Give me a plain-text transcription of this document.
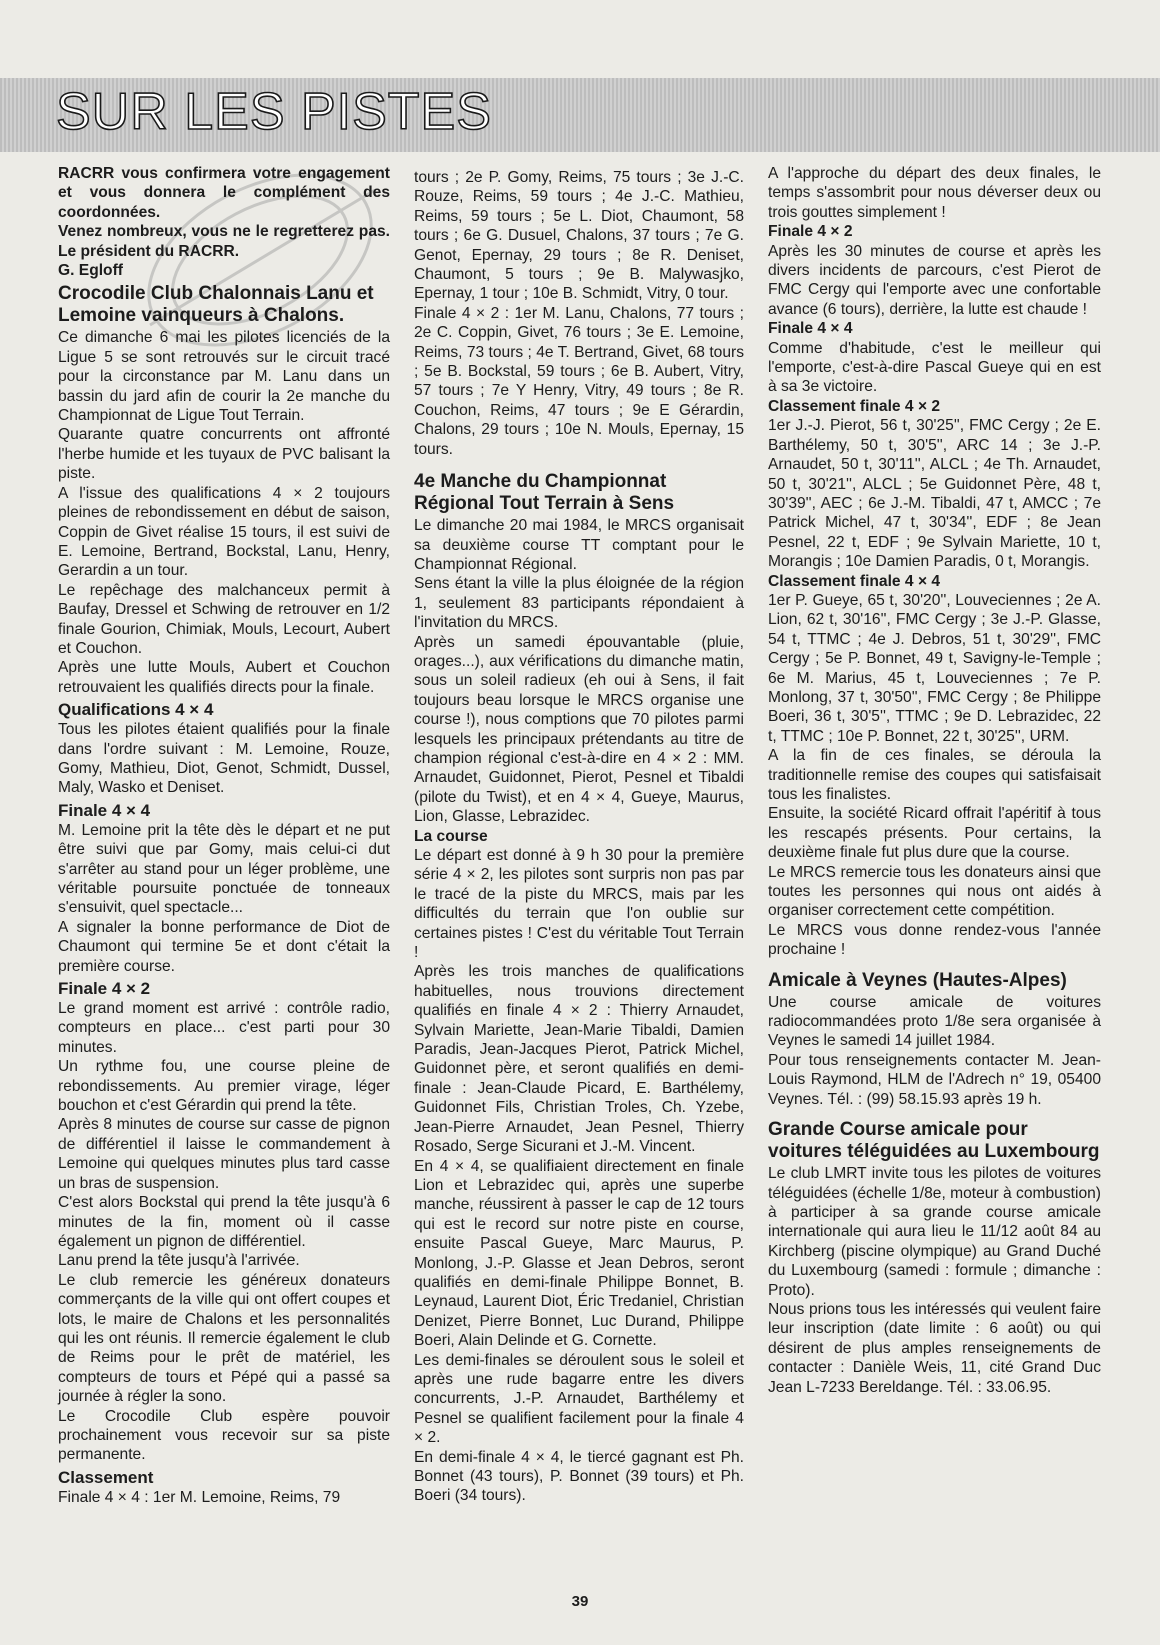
SUR LES PISTES

RACRR vous confirmera votre engagement et vous donnera le complément des coordonnées.

Venez nombreux, vous ne le regretterez pas. Le président du RACRR.

G. Egloff

Crocodile Club Chalonnais Lanu et Lemoine vainqueurs à Chalons.

Ce dimanche 6 mai les pilotes licenciés de la Ligue 5 se sont retrouvés sur le circuit tracé pour la circonstance par M. Lanu dans un bassin du jard afin de courir la 2e manche du Championnat de Ligue Tout Terrain.

Quarante quatre concurrents ont affronté l'herbe humide et les tuyaux de PVC balisant la piste.

A l'issue des qualifications 4 × 2 toujours pleines de rebondissement en début de saison, Coppin de Givet réalise 15 tours, il est suivi de E. Lemoine, Bertrand, Bockstal, Lanu, Henry, Gerardin a un tour.

Le repêchage des malchanceux permit à Baufay, Dressel et Schwing de retrouver en 1/2 finale Gourion, Chimiak, Mouls, Lecourt, Aubert et Couchon.

Après une lutte Mouls, Aubert et Couchon retrouvaient les qualifiés directs pour la finale.

Qualifications 4 × 4

Tous les pilotes étaient qualifiés pour la finale dans l'ordre suivant : M. Lemoine, Rouze, Gomy, Mathieu, Diot, Genot, Schmidt, Dussel, Maly, Wasko et Deniset.

Finale 4 × 4

M. Lemoine prit la tête dès le départ et ne put être suivi que par Gomy, mais celui-ci dut s'arrêter au stand pour un léger problème, une véritable poursuite ponctuée de tonneaux s'ensuivit, quel spectacle...

A signaler la bonne performance de Diot de Chaumont qui termine 5e et dont c'était la première course.

Finale 4 × 2

Le grand moment est arrivé : contrôle radio, compteurs en place... c'est parti pour 30 minutes.

Un rythme fou, une course pleine de rebondissements. Au premier virage, léger bouchon et c'est Gérardin qui prend la tête.

Après 8 minutes de course sur casse de pignon de différentiel il laisse le commandement à Lemoine qui quelques minutes plus tard casse un bras de suspension.

C'est alors Bockstal qui prend la tête jusqu'à 6 minutes de la fin, moment où il casse également un pignon de différentiel.

Lanu prend la tête jusqu'à l'arrivée.

Le club remercie les généreux donateurs commerçants de la ville qui ont offert coupes et lots, le maire de Chalons et les personnalités qui les ont réunis. Il remercie également le club de Reims pour le prêt de matériel, les compteurs de tours et Pépé qui a passé sa journée à régler la sono.

Le Crocodile Club espère pouvoir prochainement vous recevoir sur sa piste permanente.

Classement

Finale 4 × 4 : 1er M. Lemoine, Reims, 79

tours ; 2e P. Gomy, Reims, 75 tours ; 3e J.-C. Rouze, Reims, 59 tours ; 4e J.-C. Mathieu, Reims, 59 tours ; 5e L. Diot, Chaumont, 58 tours ; 6e G. Dusuel, Chalons, 37 tours ; 7e G. Genot, Epernay, 29 tours ; 8e R. Deniset, Chaumont, 5 tours ; 9e B. Malywasjko, Epernay, 1 tour ; 10e B. Schmidt, Vitry, 0 tour.

Finale 4 × 2 : 1er M. Lanu, Chalons, 77 tours ; 2e C. Coppin, Givet, 76 tours ; 3e E. Lemoine, Reims, 73 tours ; 4e T. Bertrand, Givet, 68 tours ; 5e B. Bockstal, 59 tours ; 6e B. Aubert, Vitry, 57 tours ; 7e Y Henry, Vitry, 49 tours ; 8e R. Couchon, Reims, 47 tours ; 9e E Gérardin, Chalons, 29 tours ; 10e N. Mouls, Epernay, 15 tours.

4e Manche du Championnat Régional Tout Terrain à Sens

Le dimanche 20 mai 1984, le MRCS organisait sa deuxième course TT comptant pour le Championnat Régional.

Sens étant la ville la plus éloignée de la région 1, seulement 83 participants répondaient à l'invitation du MRCS.

Après un samedi épouvantable (pluie, orages...), aux vérifications du dimanche matin, sous un soleil radieux (eh oui à Sens, il fait toujours beau lorsque le MRCS organise une course !), nous comptions que 70 pilotes parmi lesquels les principaux prétendants au titre de champion régional c'est-à-dire en 4 × 2 : MM. Arnaudet, Guidonnet, Pierot, Pesnel et Tibaldi (pilote du Twist), et en 4 × 4, Gueye, Maurus, Lion, Glasse, Lebrazidec.

La course

Le départ est donné à 9 h 30 pour la première série 4 × 2, les pilotes sont surpris non pas par le tracé de la piste du MRCS, mais par les difficultés du terrain que l'on oublie sur certaines pistes ! C'est du véritable Tout Terrain !

Après les trois manches de qualifications habituelles, nous trouvions directement qualifiés en finale 4 × 2 : Thierry Arnaudet, Sylvain Mariette, Jean-Marie Tibaldi, Damien Paradis, Jean-Jacques Pierot, Patrick Michel, Guidonnet père, et seront qualifiés en demi-finale : Jean-Claude Picard, E. Barthélemy, Guidonnet Fils, Christian Troles, Ch. Yzebe, Jean-Pierre Arnaudet, Jean Pesnel, Thierry Rosado, Serge Sicurani et J.-M. Vincent.

En 4 × 4, se qualifiaient directement en finale Lion et Lebrazidec qui, après une superbe manche, réussirent à passer le cap de 12 tours qui est le record sur notre piste en course, ensuite Pascal Gueye, Marc Maurus, P. Monlong, J.-P. Glasse et Jean Debros, seront qualifiés en demi-finale Philippe Bonnet, B. Leynaud, Laurent Diot, Éric Tredaniel, Christian Denizet, Pierre Bonnet, Luc Durand, Philippe Boeri, Alain Delinde et G. Cornette.

Les demi-finales se déroulent sous le soleil et après une rude bagarre entre les divers concurrents, J.-P. Arnaudet, Barthélemy et Pesnel se qualifient facilement pour la finale 4 × 2.

En demi-finale 4 × 4, le tiercé gagnant est Ph. Bonnet (43 tours), P. Bonnet (39 tours) et Ph. Boeri (34 tours).

A l'approche du départ des deux finales, le temps s'assombrit pour nous déverser deux ou trois gouttes simplement !

Finale 4 × 2

Après les 30 minutes de course et après les divers incidents de parcours, c'est Pierot de FMC Cergy qui l'emporte avec une confortable avance (6 tours), derrière, la lutte est chaude !

Finale 4 × 4

Comme d'habitude, c'est le meilleur qui l'emporte, c'est-à-dire Pascal Gueye qui en est à sa 3e victoire.

Classement finale 4 × 2

1er J.-J. Pierot, 56 t, 30'25'', FMC Cergy ; 2e E. Barthélemy, 50 t, 30'5'', ARC 14 ; 3e J.-P. Arnaudet, 50 t, 30'11'', ALCL ; 4e Th. Arnaudet, 50 t, 30'21'', ALCL ; 5e Guidonnet Père, 48 t, 30'39'', AEC ; 6e J.-M. Tibaldi, 47 t, AMCC ; 7e Patrick Michel, 47 t, 30'34'', EDF ; 8e Jean Pesnel, 22 t, EDF ; 9e Sylvain Mariette, 10 t, Morangis ; 10e Damien Paradis, 0 t, Morangis.

Classement finale 4 × 4

1er P. Gueye, 65 t, 30'20'', Louveciennes ; 2e A. Lion, 62 t, 30'16'', FMC Cergy ; 3e J.-P. Glasse, 54 t, TTMC ; 4e J. Debros, 51 t, 30'29'', FMC Cergy ; 5e P. Bonnet, 49 t, Savigny-le-Temple ; 6e M. Marius, 45 t, Louveciennes ; 7e P. Monlong, 37 t, 30'50'', FMC Cergy ; 8e Philippe Boeri, 36 t, 30'5'', TTMC ; 9e D. Lebrazidec, 22 t, TTMC ; 10e P. Bonnet, 22 t, 30'25'', URM.

A la fin de ces finales, se déroula la traditionnelle remise des coupes qui satisfaisait tous les finalistes.

Ensuite, la société Ricard offrait l'apéritif à tous les rescapés présents. Pour certains, la deuxième finale fut plus dure que la course.

Le MRCS remercie tous les donateurs ainsi que toutes les personnes qui nous ont aidés à organiser correctement cette compétition.

Le MRCS vous donne rendez-vous l'année prochaine !

Amicale à Veynes (Hautes-Alpes)

Une course amicale de voitures radiocommandées proto 1/8e sera organisée à Veynes le samedi 14 juillet 1984.

Pour tous renseignements contacter M. Jean-Louis Raymond, HLM de l'Adrech n° 19, 05400 Veynes. Tél. : (99) 58.15.93 après 19 h.

Grande Course amicale pour voitures téléguidées au Luxembourg

Le club LMRT invite tous les pilotes de voitures téléguidées (échelle 1/8e, moteur à combustion) à participer à sa grande course amicale internationale qui aura lieu le 11/12 août 84 au Kirchberg (piscine olympique) au Grand Duché du Luxembourg (samedi : formule ; dimanche : Proto).

Nous prions tous les intéressés qui veulent faire leur inscription (date limite : 6 août) ou qui désirent de plus amples renseignements de contacter : Danièle Weis, 11, cité Grand Duc Jean L-7233 Bereldange. Tél. : 33.06.95.

39
